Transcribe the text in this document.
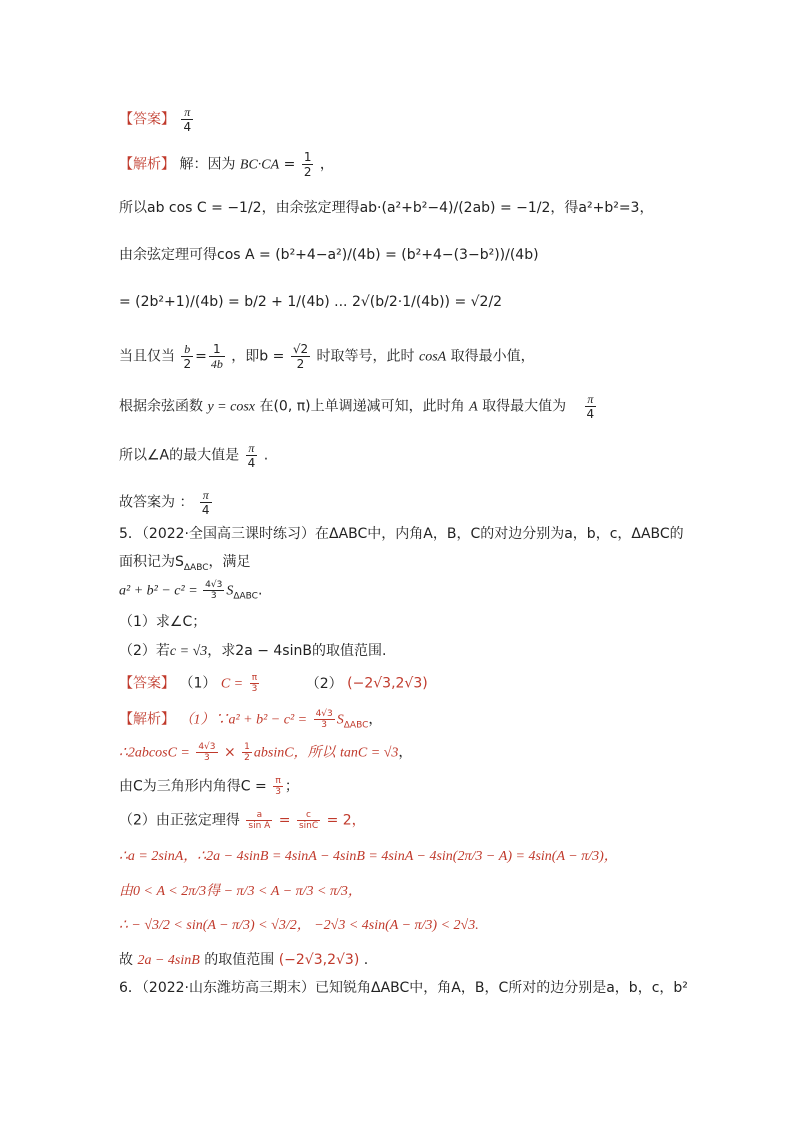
【答案】 $\frac{\pi}{4}$
【解析】 解：因为 $BC\cdot CA = \frac{1}{2}$ ，
所以ab cos C = −1/2，由余弦定理得ab·(a²+b²−4)/(2ab) = −1/2，得a²+b²=3，
由余弦定理可得cos A = (b²+4−a²)/(4b) = (b²+4−(3−b²))/(4b)
= (2b²+1)/(4b) = b/2 + 1/(4b) ... 2√(b/2·1/(4b)) = √2/2
当且仅当 $\frac{b}{2} = \frac{1}{4b}$ ，即$b = \frac{√2}{2}$ 时取等号，此时 cosA 取得最小值，
根据余弦函数 y = cosx 在(0, π)上单调递减可知，此时角 A 取得最大值为 $\frac{\pi}{4}$
所以∠A的最大值是 $\frac{\pi}{4}$ .
故答案为 ： $\frac{\pi}{4}$
5．（2022·全国高三课时练习）在ΔABC中，内角A，B，C的对边分别为a，b，c，ΔABC的
面积记为$S_{\Delta ABC}$，满足
$a^2 + b^2 - c^2 = \frac{4√3}{3} S_{\Delta ABC}$.
（1）求∠C；
（2）若c = √3，求2a − 4sinB的取值范围.
【答案】 （1） $C = \frac{\pi}{3}$	（2） (−2√3,2√3)
【解析】 （1）∵a² + $b^2 - c^2 = \frac{4√3}{3} S_{\Delta ABC}$，
∴2abcosC = $\frac{4√3}{3} \times \frac{1}{2}$ absinC，所以 tanC = √3，
由C为三角形内角得$C = \frac{\pi}{3}$ ；
（2）由正弦定理得 $\frac{a}{\text{sin A}} = \frac{c}{\sin C} = 2$，
∴a = 2sinA，∴2a − 4sinB = 4sinA − 4sinB = 4sinA − 4sin(2π/3 − A) = 4sin(A − π/3)，
由0 < A < 2π/3得 − π/3 < A − π/3 < π/3，
∴ − √3/2 < sin(A − π/3) < √3/2， −2√3 < 4sin(A − π/3) < 2√3.
故 2a − 4sinB 的取值范围 (−2√3,2√3) .
6．（2022·山东潍坊高三期末）已知锐角ΔABC中，角A，B，C所对的边分别是a，b，c，b²
